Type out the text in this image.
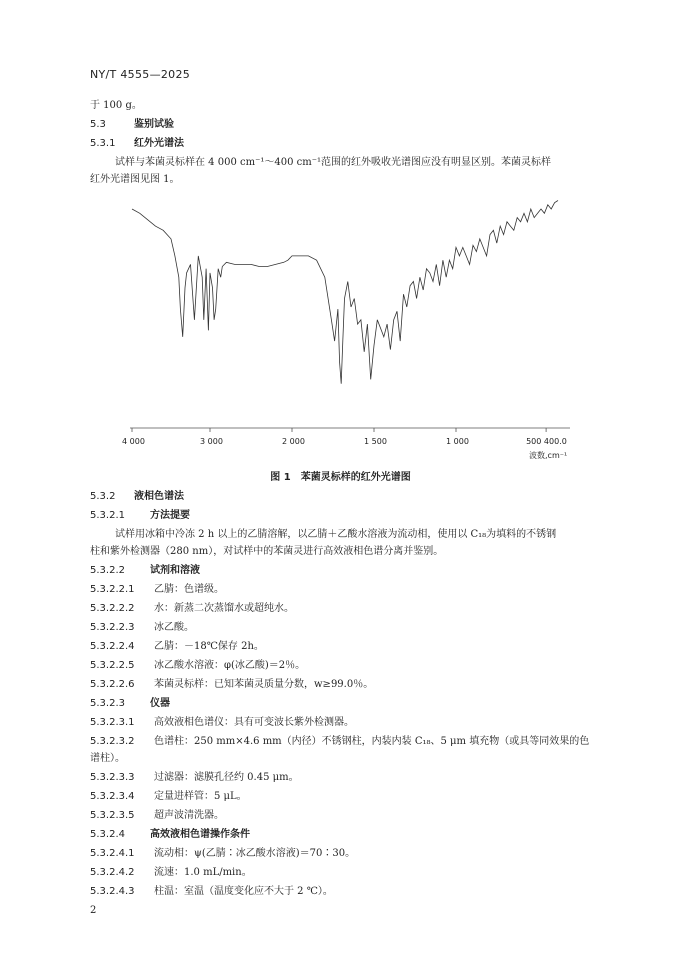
NY/T 4555—2025
于 100 g。
5.3	鉴别试验
5.3.1 红外光谱法
试样与苯菌灵标样在 4 000 cm⁻¹～400 cm⁻¹范围的红外吸收光谱图应没有明显区别。苯菌灵标样
红外光谱图见图 1。
4 000	3 000	2 000	1 500	1 000	500 400.0
波数,cm⁻¹
图 1　苯菌灵标样的红外光谱图
5.3.2 液相色谱法
5.3.2.1	方法提要
试样用冰箱中冷冻 2 h 以上的乙腈溶解，以乙腈＋乙酸水溶液为流动相，使用以 C₁₈为填料的不锈钢
柱和紫外检测器（280 nm），对试样中的苯菌灵进行高效液相色谱分离并鉴别。
5.3.2.2	试剂和溶液
5.3.2.2.1 乙腈：色谱级。
5.3.2.2.2 水：新蒸二次蒸馏水或超纯水。
5.3.2.2.3 冰乙酸。
5.3.2.2.4 乙腈：－18℃保存 2h。
5.3.2.2.5 冰乙酸水溶液：φ(冰乙酸)＝2％。
5.3.2.2.6 苯菌灵标样：已知苯菌灵质量分数，w≥99.0％。
5.3.2.3	仪器
5.3.2.3.1 高效液相色谱仪：具有可变波长紫外检测器。
5.3.2.3.2 色谱柱：250 mm×4.6 mm（内径）不锈钢柱，内装内装 C₁₈、5 μm 填充物（或具等同效果的色
谱柱）。
5.3.2.3.3 过滤器：滤膜孔径约 0.45 μm。
5.3.2.3.4 定量进样管：5 μL。
5.3.2.3.5 超声波清洗器。
5.3.2.4	高效液相色谱操作条件
5.3.2.4.1 流动相：ψ(乙腈∶冰乙酸水溶液)＝70∶30。
5.3.2.4.2 流速：1.0 mL/min。
5.3.2.4.3 柱温：室温（温度变化应不大于 2 ℃）。
2
